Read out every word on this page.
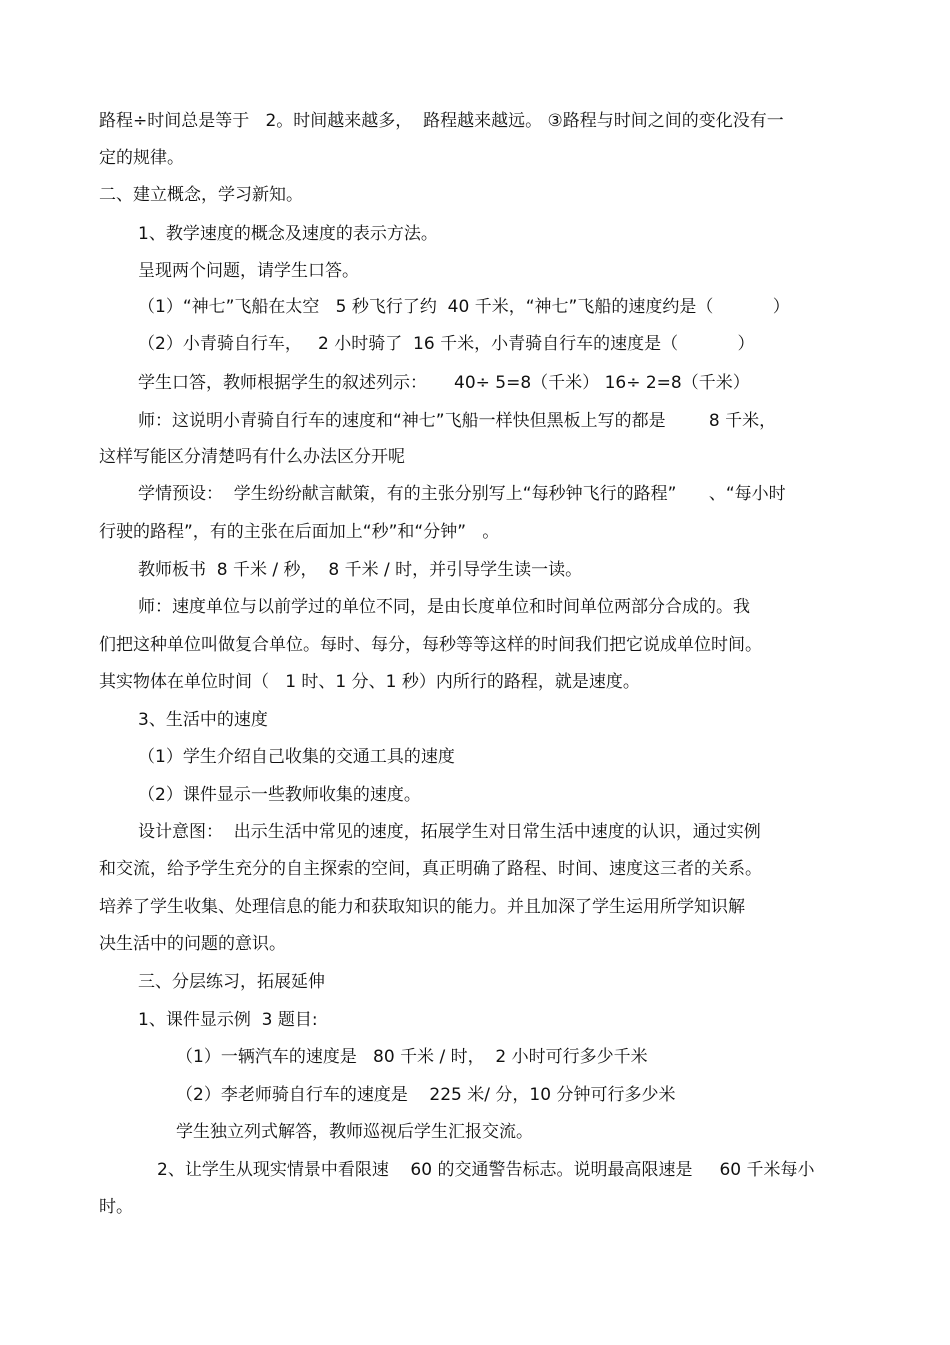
路程÷时间总是等于   2。时间越来越多，  路程越来越远。 ③路程与时间之间的变化没有一
定的规律。
二、建立概念，学习新知。
1、教学速度的概念及速度的表示方法。
呈现两个问题，请学生口答。
（1）“神七”飞船在太空   5 秒飞行了约  40 千米，“神七”飞船的速度约是（           ）
（2）小青骑自行车，   2 小时骑了  16 千米，小青骑自行车的速度是（           ）
学生口答，教师根据学生的叙述列示：     40÷ 5=8（千米） 16÷ 2=8（千米）
师：这说明小青骑自行车的速度和“神七”飞船一样快但黑板上写的都是        8 千米，
这样写能区分清楚吗有什么办法区分开呢
学情预设：  学生纷纷献言献策，有的主张分别写上“每秒钟飞行的路程”      、“每小时
行驶的路程”，有的主张在后面加上“秒”和“分钟”   。
教师板书  8 千米 / 秒，  8 千米 / 时，并引导学生读一读。
师：速度单位与以前学过的单位不同，是由长度单位和时间单位两部分合成的。我
们把这种单位叫做复合单位。每时、每分，每秒等等这样的时间我们把它说成单位时间。
其实物体在单位时间（   1 时、1 分、1 秒）内所行的路程，就是速度。
3、生活中的速度
（1）学生介绍自己收集的交通工具的速度
（2）课件显示一些教师收集的速度。
设计意图：  出示生活中常见的速度，拓展学生对日常生活中速度的认识，通过实例
和交流，给予学生充分的自主探索的空间，真正明确了路程、时间、速度这三者的关系。
培养了学生收集、处理信息的能力和获取知识的能力。并且加深了学生运用所学知识解
决生活中的问题的意识。
三、分层练习，拓展延伸
1、课件显示例  3 题目:
（1）一辆汽车的速度是   80 千米 / 时，  2 小时可行多少千米
（2）李老师骑自行车的速度是    225 米/ 分，10 分钟可行多少米
学生独立列式解答，教师巡视后学生汇报交流。
2、让学生从现实情景中看限速    60 的交通警告标志。说明最高限速是     60 千米每小
时。
